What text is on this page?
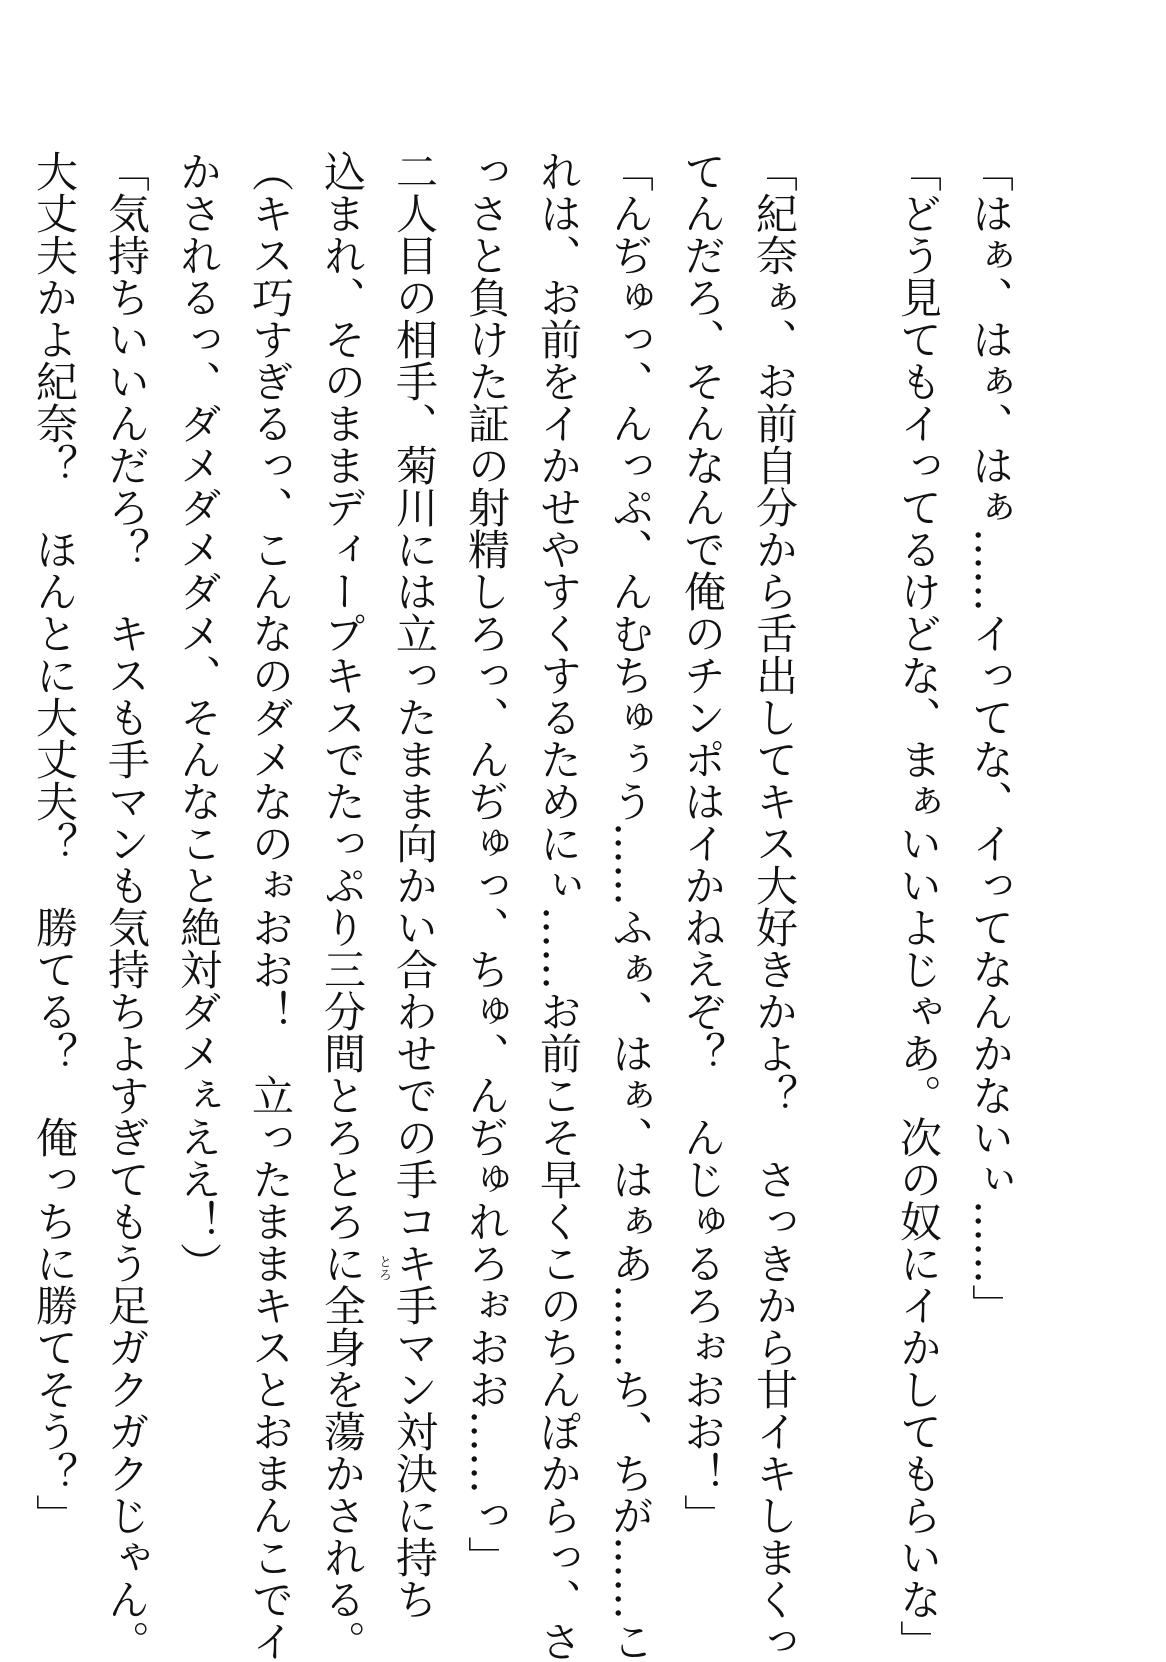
「はぁ、はぁ、はぁ……イってな、イってなんかないぃ……」
「どう見てもイってるけどな、まぁいいよじゃあ。次の奴にイかしてもらいな」
「紀奈ぁ、お前自分から舌出してキス大好きかよ？　さっきから甘イキしまくっ
てんだろ、そんなんで俺のチンポはイかねえぞ？　んじゅるろぉおお！」
「んぢゅっ、んっぷ、んむちゅぅう……ふぁ、はぁ、はぁあ……ち、ちが……こ
れは、お前をイかせやすくするためにぃ……お前こそ早くこのちんぽからっ、さ
っさと負けた証の射精しろっ、んぢゅっ、ちゅ、んぢゅれろぉおお……っ」
二人目の相手、菊川には立ったまま向かい合わせでの手コキ手マン対決に持ち
込まれ、そのままディープキスでたっぷり三分間とろとろに全身を蕩かされる。
（キス巧すぎるっ、こんなのダメなのぉおお！　立ったままキスとおまんこでイ
かされるっ、ダメダメダメ、そんなこと絶対ダメぇええ！）
「気持ちいいんだろ？　キスも手マンも気持ちよすぎてもう足ガクガクじゃん。
大丈夫かよ紀奈？　ほんとに大丈夫？　勝てる？　俺っちに勝てそう？」	とろ
